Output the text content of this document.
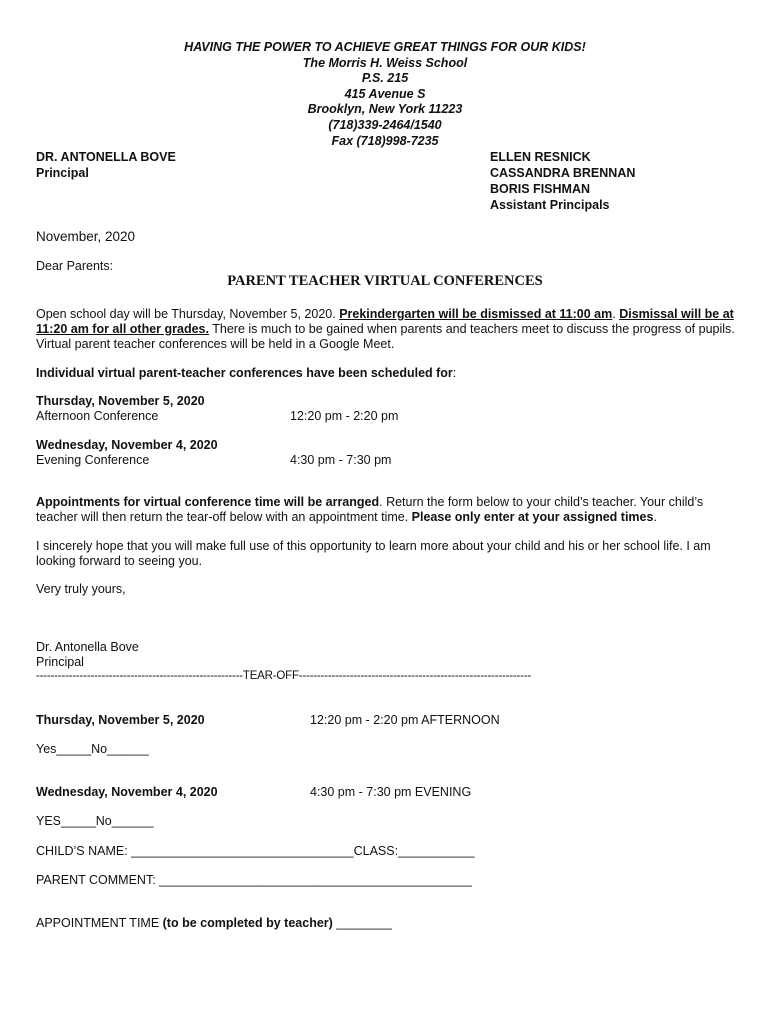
HAVING THE POWER TO ACHIEVE GREAT THINGS FOR OUR KIDS!
The Morris H. Weiss School
P.S. 215
415 Avenue S
Brooklyn, New York 11223
(718)339-2464/1540
Fax (718)998-7235
DR. ANTONELLA BOVE
Principal
ELLEN RESNICK
CASSANDRA BRENNAN
BORIS FISHMAN
Assistant Principals
November, 2020
Dear Parents:
PARENT TEACHER VIRTUAL CONFERENCES
Open school day will be Thursday, November 5, 2020. Prekindergarten will be dismissed at 11:00 am. Dismissal will be at 11:20 am for all other grades. There is much to be gained when parents and teachers meet to discuss the progress of pupils. Virtual parent teacher conferences will be held in a Google Meet.
Individual virtual parent-teacher conferences have been scheduled for:
Thursday, November 5, 2020
Afternoon Conference	12:20 pm - 2:20 pm
Wednesday, November 4, 2020
Evening Conference	4:30 pm - 7:30 pm
Appointments for virtual conference time will be arranged. Return the form below to your child’s teacher. Your child’s teacher will then return the tear-off below with an appointment time. Please only enter at your assigned times.
I sincerely hope that you will make full use of this opportunity to learn more about your child and his or her school life. I am looking forward to seeing you.
Very truly yours,
Dr. Antonella Bove
Principal
---------------------------------------------------------TEAR-OFF----------------------------------------------------------------
Thursday, November 5, 2020	12:20 pm - 2:20 pm AFTERNOON
Yes_____No______
Wednesday, November 4, 2020	4:30 pm - 7:30 pm EVENING
YES_____No______
CHILD’S NAME: ________________________________CLASS:___________
PARENT COMMENT: _____________________________________________
APPOINTMENT TIME (to be completed by teacher) ________
